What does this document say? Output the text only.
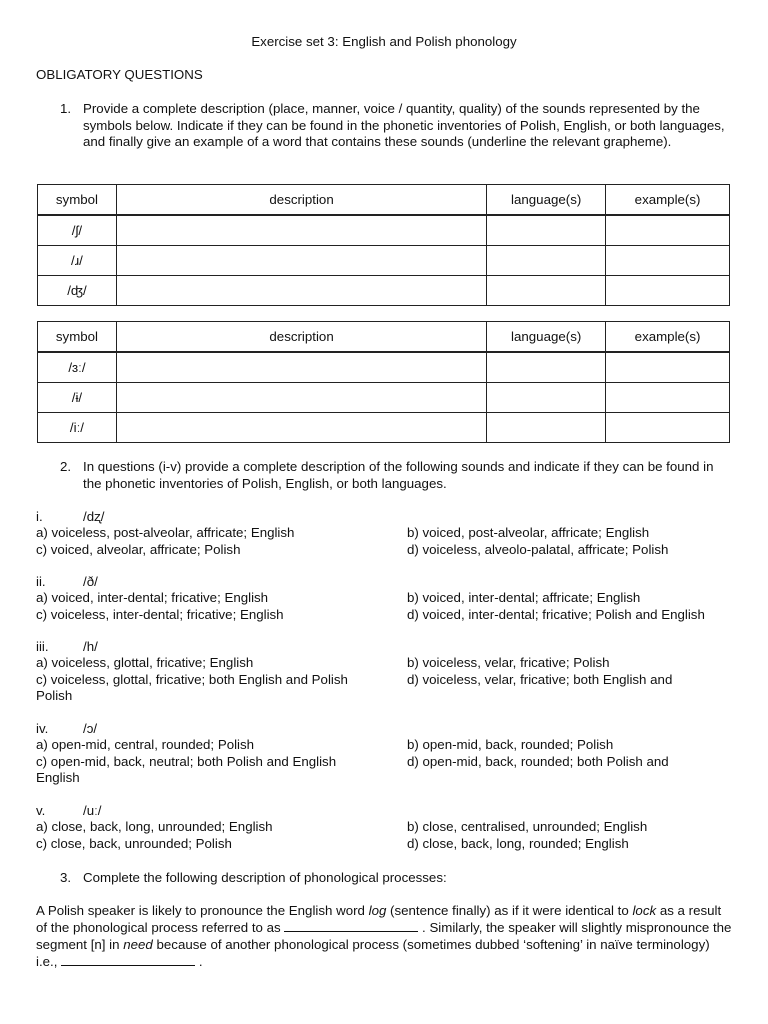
Exercise set 3: English and Polish phonology
OBLIGATORY QUESTIONS
1. Provide a complete description (place, manner, voice / quantity, quality) of the sounds represented by the symbols below. Indicate if they can be found in the phonetic inventories of Polish, English, or both languages, and finally give an example of a word that contains these sounds (underline the relevant grapheme).
symbol	description	language(s)	example(s)
/ʃ/			
/ɹ/			
/ʤ/			
symbol	description	language(s)	example(s)
/ɜː/			
/ɨ/			
/iː/			
2. In questions (i-v) provide a complete description of the following sounds and indicate if they can be found in the phonetic inventories of Polish, English, or both languages.
i.	/dʐ/
a) voiceless, post-alveolar, affricate; English	b) voiced, post-alveolar, affricate; English
c) voiced, alveolar, affricate; Polish	d) voiceless, alveolo-palatal, affricate; Polish
ii.	/ð/
a) voiced, inter-dental; fricative; English	b) voiced, inter-dental; affricate; English
c) voiceless, inter-dental; fricative; English	d) voiced, inter-dental; fricative; Polish and English
iii.	/h/
a) voiceless, glottal, fricative; English	b) voiceless, velar, fricative; Polish
c) voiceless, glottal, fricative; both English and Polish	d) voiceless, velar, fricative; both English and
Polish
iv.	/ɔ/
a) open-mid, central, rounded; Polish	b) open-mid, back, rounded; Polish
c) open-mid, back, neutral; both Polish and English	d) open-mid, back, rounded; both Polish and
English
v.	/uː/
a) close, back, long, unrounded; English	b) close, centralised, unrounded; English
c) close, back, unrounded; Polish	d) close, back, long, rounded; English
3. Complete the following description of phonological processes:
A Polish speaker is likely to pronounce the English word log (sentence finally) as if it were identical to lock as a result of the phonological process referred to as	. Similarly, the speaker will slightly mispronounce the segment [n] in need because of another phonological process (sometimes dubbed ‘softening’ in naïve terminology) i.e.,	.
